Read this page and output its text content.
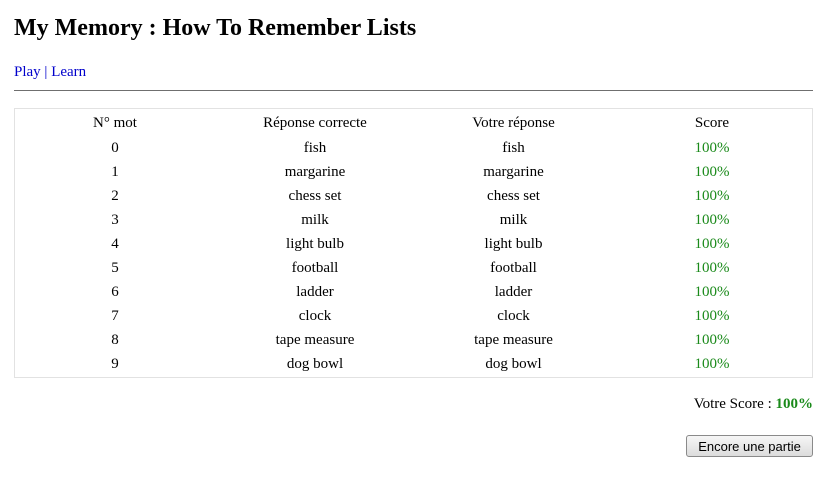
My Memory : How To Remember Lists
Play | Learn
N° mot	Réponse correcte	Votre réponse	Score
0	fish	fish	100%
1	margarine	margarine	100%
2	chess set	chess set	100%
3	milk	milk	100%
4	light bulb	light bulb	100%
5	football	football	100%
6	ladder	ladder	100%
7	clock	clock	100%
8	tape measure	tape measure	100%
9	dog bowl	dog bowl	100%
Votre Score : 100%
Encore une partie
